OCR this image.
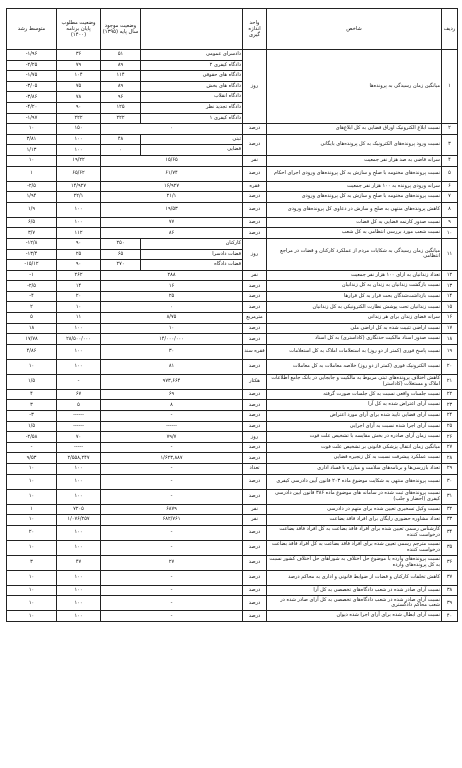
ردیف	شاخص	واحد اندازه گیری		وضعیت موجود سال پایه (۱۳۹۵)	وضعیت مطلوب پایان برنامه (۱۴۰۰)	متوسط رشد
۱	میانگین زمان رسیدگی به پرونده‌ها	روز	دادسرای عمومی	۵۱	۳۶	۱/۹۶-
			دادگاه کیفری ۲	۸۹	۷۹	۲/۲۵-
			دادگاه های حقوقی	۱۱۴	۱۰۴	۱/۷۵-
			دادگاه های بخش	۸۹	۷۵	۳/۰۵-
			دادگاه انقلاب	۹۶	۷۸	۳/۸۶-
			دادگاه تجدید نظر	۱۲۵	۹۰	۴/۲۰-
			دادگاه کیفری ۱	۲۲۲	۲۲۲	۱/۹۷-
۲	نسبت ابلاغ الکترونیک اوراق قضایی به کل ابلاغ‌های	درصد	۰		۱۵۰	۱۰
۳	نسبت ورود پرونده‌های الکترونیک به کل پرونده‌های بایگانی	درصد	ثبتی	۴۸	۱۰۰	۳/۸۱
			قضایی	۰	۱۰۰	۱/۱۳
۴	سرانه قاضی به صد هزار نفر جمعیت	نفر	۱۵/۶۵		۱۹/۲۲	۱۰
۵	نسبت پرونده‌های مختومه با صلح و سازش به کل پرونده‌های ورودی اجرای احکام	درصد	۶۱/۷۴		۶۵/۶۲	۱
۶	سرانه ورودی پرونده به ۱۰۰ هزار نفر جمعیت	فقره	۱۶/۹۲۷		۱۴/۹۲۷	۲/۵-
۷	نسبت پرونده‌های مختومه با صلح و سازش به کل پرونده‌های ورودی	درصد	۲۱/۱		۲۲/۱	۱/۹۴
۸	کاهش پرونده‌های منتهی به صلح و سازش در دعاوی کل پرونده‌های ورودی	درصد	۱۹/۵۳		۱۰۰	۱/۹
۹	نسبت صدور کارنمه قضایی به کل قضات	درصد	۷۷		۱۰۰	۶/۵
۱۰	نسبت شعب مورد بررسی انتظامی به کل شعب	درصد	۸۶		۱۱۲	۳/۷
۱۱	میانگین زمان رسیدگی به شکایات مردم از عملکرد کارکنان و قضات در مراجع انتظامی	روز	کارکنان	۲۵۰	۹۰	۱۲/۸-
			قضات دادسرا	۶۵	۲۵	۱۳/۴-
			قضات دادگاه	۲۷۰	۹۰	۱۵/۱۲-
۱۲	تعداد زندانیان به ازای ۱۰۰ هزار نفر جمعیت	نفر	۲۸۸		۲۶۲	۱-
۱۳	نسبت بازگشت زندانیان به زندان به کل زندانیان	درصد	۱۶		۱۴	۲/۵-
۱۴	نسبت بازداشت‌شدگان بحت قرار به کل قرارها	درصد	۲۵		۲۰	۴-
۱۵	نسبت زندانیان تحت پوشش نظارت الکترونیکی به کل زندانیان	درصد	۰		۱۰	۲
۱۶	سرانه فضای زندان برای هر زندانی	مترمربع	۸/۷۵		۱۱	۵
۱۷	نسبت اراضی تثبیت شده به کل اراضی ملی	درصد	۱۰		۱۰۰	۱۸
۱۸	نسبت صدور اسناد مالکیت حدنگاری (کاداستری) به کل اسناد	درصد	۱۴/۰۰۰/۰۰۰		۲۸/۵۰۰/۰۰۰	۱۷/۷۸
۱۹	نسبت پاسخ فوری (کمتر از دو روز) به استعلامات املاک به کل استعلامات	فقره سند	۳۰		۱۰۰	۴/۸۶
۲۰	نسبت الکترونیک فوری (کمتر از دو روز) خلاصه معاملات به کل معاملات	درصد	۸۱		۱۰۰	۱۰
۲۱	کاهش اختلاف پرونده‌های ثبتی مربوط به مالکیت و جابجایی در بانک جامع اطلاعات املاک و مستغلات (کاداستر)	هکتار	۹۷۳,۶۶۴		-	۱/۵
۲۲	نسبت جلسات واقعی نسبت به کل جلسات صورت گرفته	درصد	۶۹		۶۷	۴
۲۳	نسبت آرای اعتراض شده به کل آرا	درصد	۸		۵	۳
۲۴	نسبت آرای قضایی تایید شده برای آرای مورد اعتراض	درصد	-		------	۳-
۲۵	نسبت آرای اجرا شده نسبت به آرای اجرایی	درصد	------		------	۱/۵
۲۶	نسبت زمان آرای صادره در بخش مقایسه با تشخیص علت فوت	روز	۷۹/۷		۷۰	۲/۵۸-
۲۷	میانگین زمان انتقال پزشکی قانونی بر تشخیص علت فوت	درصد	-		-----	-
۲۸	نسبت عملکرد پیشرفت نسبت به کل زنجیره قضایی	درصد	۱/۶۲۳,۸۸۷		۲/۵۵۸,۲۴۷	۹/۵۳
۲۹	تعداد بازرسی‌ها و برنامه‌های سلامت و مبارزه با فساد اداری	تعداد	-		۱۰۰	۱۰
۳۰	نسبت پرونده‌های منتهی به شکایت موضوع ماده ۲۰۳ قانون آیین دادرسی کیفری	درصد	-		۱۰۰	۱۰
۳۱	نسبت پرونده‌های ثبت شده در سامانه های موضوع ماده ۳۸۶ قانون آیین دادرسی کیفری (احضار و جلب)	درصد	-		۱۰۰	۱۰
۳۲	نسبت وکیل تسخیری تعیین شده برای متهم در دادرسی	نفر	۶۸۷۹		۷۲۰۵	۱
۳۳	تعداد مشاوره حضوری رایگان برای افراد فاقد بضاعت	نفر	۶۸۲/۷۶۱		۱/۰۷۶/۲۵۷	۱۰
۳۴	کارشناس رسمی تعیین شده برای افراد فاقد بضاعت به کل افراد فاقد بضاعت درخواست کننده	درصد	-		۱۰۰	۲۰
۳۵	نسبت مترجم رسمی تعیین شده برای افراد فاقد بضاعت به کل افراد فاقد بضاعت درخواست کننده	درصد	-		۱۰۰	۱۰
۳۶	نسبت پرونده‌های وارده با موضوع حل اختلاف به شوراهای حل اختلاف کشور نسبت به کل پرونده‌های وارده	درصد	۲۷		۴۷	۳
۳۷	کاهش تخلفات کارکنان و قضات از ضوابط قانونی و اداری به محاکم درصد	درصد	-		۱۰۰	۱۰
۳۸	نسبت آرای صادر شده در شعب دادگاه‌های تخصصی به کل آرا	درصد	-		۱۰۰	۱۰
۳۹	نسبت آرای صادر شده در شعب دادگاه‌های تخصصی به کل آرای صادر شده در شعب محاکم دادگستری	درصد	-		۱۰۰	۱۰
۴۰	نسبت آرای ابطال شده برای آرای اجرا شده دیوان	درصد	-		۱۰۰	۱۰
